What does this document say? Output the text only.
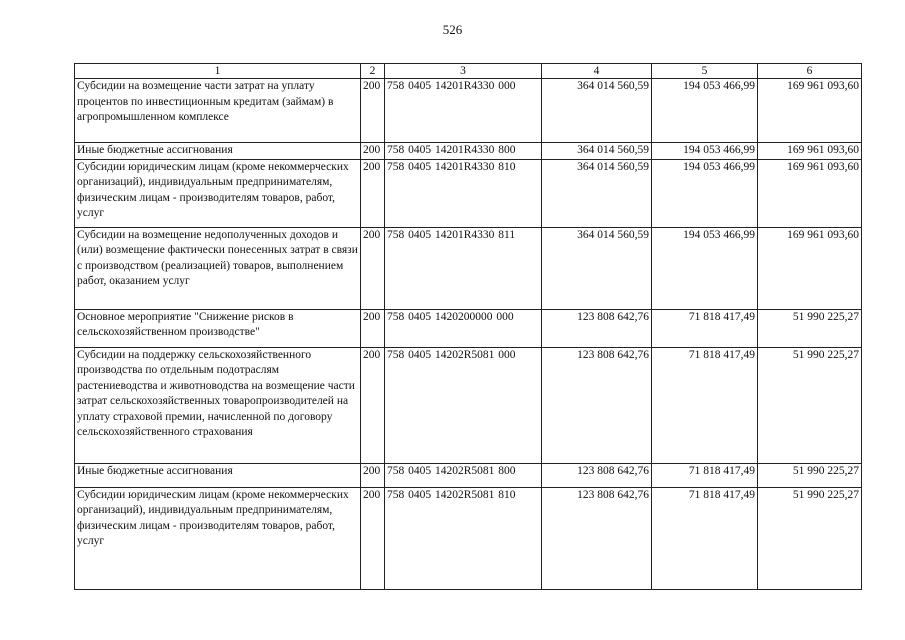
526
1	2	3	4	5	6
Субсидии на возмещение части затрат на уплату процентов по инвестиционным кредитам (займам) в агропромышленном комплексе	200	758 0405 14201R4330 000	364 014 560,59	194 053 466,99	169 961 093,60
Иные бюджетные ассигнования	200	758 0405 14201R4330 800	364 014 560,59	194 053 466,99	169 961 093,60
Субсидии юридическим лицам (кроме некоммерческих организаций), индивидуальным предпринимателям, физическим лицам - производителям товаров, работ, услуг	200	758 0405 14201R4330 810	364 014 560,59	194 053 466,99	169 961 093,60
Субсидии на возмещение недополученных доходов и (или) возмещение фактически понесенных затрат в связи с производством (реализацией) товаров, выполнением работ, оказанием услуг	200	758 0405 14201R4330 811	364 014 560,59	194 053 466,99	169 961 093,60
Основное мероприятие "Снижение рисков в сельскохозяйственном производстве"	200	758 0405 1420200000 000	123 808 642,76	71 818 417,49	51 990 225,27
Субсидии на поддержку сельскохозяйственного производства по отдельным подотраслям растениеводства и животноводства на возмещение части затрат сельскохозяйственных товаропроизводителей на уплату страховой премии, начисленной по договору сельскохозяйственного страхования	200	758 0405 14202R5081 000	123 808 642,76	71 818 417,49	51 990 225,27
Иные бюджетные ассигнования	200	758 0405 14202R5081 800	123 808 642,76	71 818 417,49	51 990 225,27
Субсидии юридическим лицам (кроме некоммерческих организаций), индивидуальным предпринимателям, физическим лицам - производителям товаров, работ, услуг	200	758 0405 14202R5081 810	123 808 642,76	71 818 417,49	51 990 225,27
